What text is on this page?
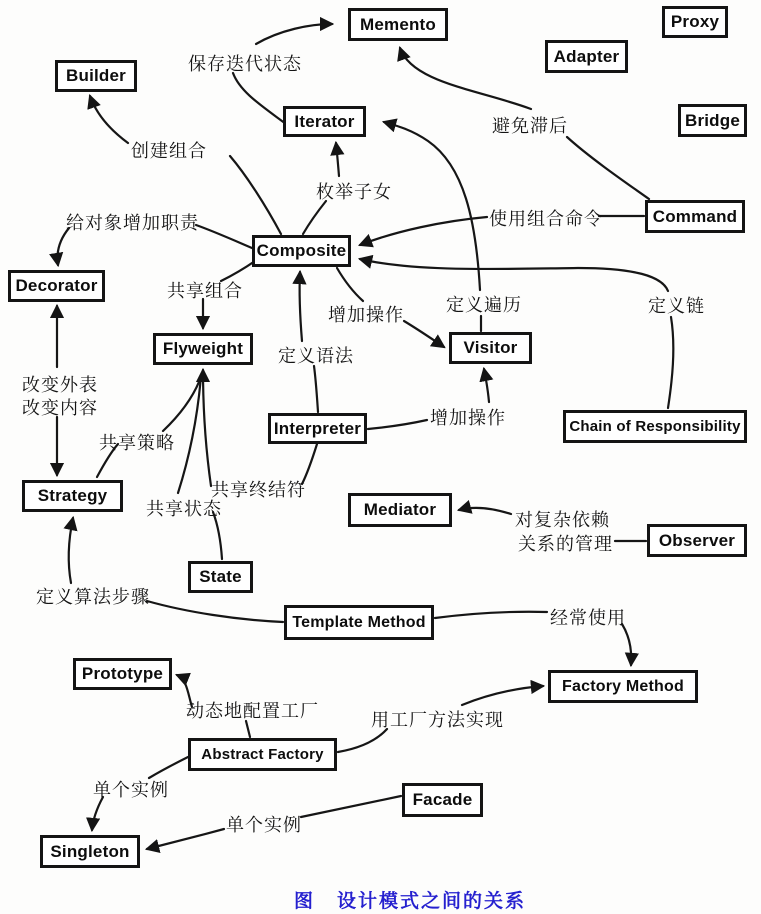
Memento	Proxy
Adapter
Builder
Iterator	Bridge
Command
Composite
Decorator
Flyweight	Visitor
Interpreter	Chain of Responsibility
Mediator
Strategy
Observer
State
Template Method
Prototype
Factory Method
Abstract Factory
Facade
Singleton
保存迭代状态
避免滞后
创建组合
枚举子女
使用组合命令
给对象增加职责
共享组合
增加操作 定义遍历	定义链
定义语法
改变外表
改变内容
共享策略
增加操作
共享终结符
共享状态
对复杂依赖
关系的管理
定义算法步骤
经常使用
动态地配置工厂	用工厂方法实现
单个实例
单个实例
图 设计模式之间的关系
